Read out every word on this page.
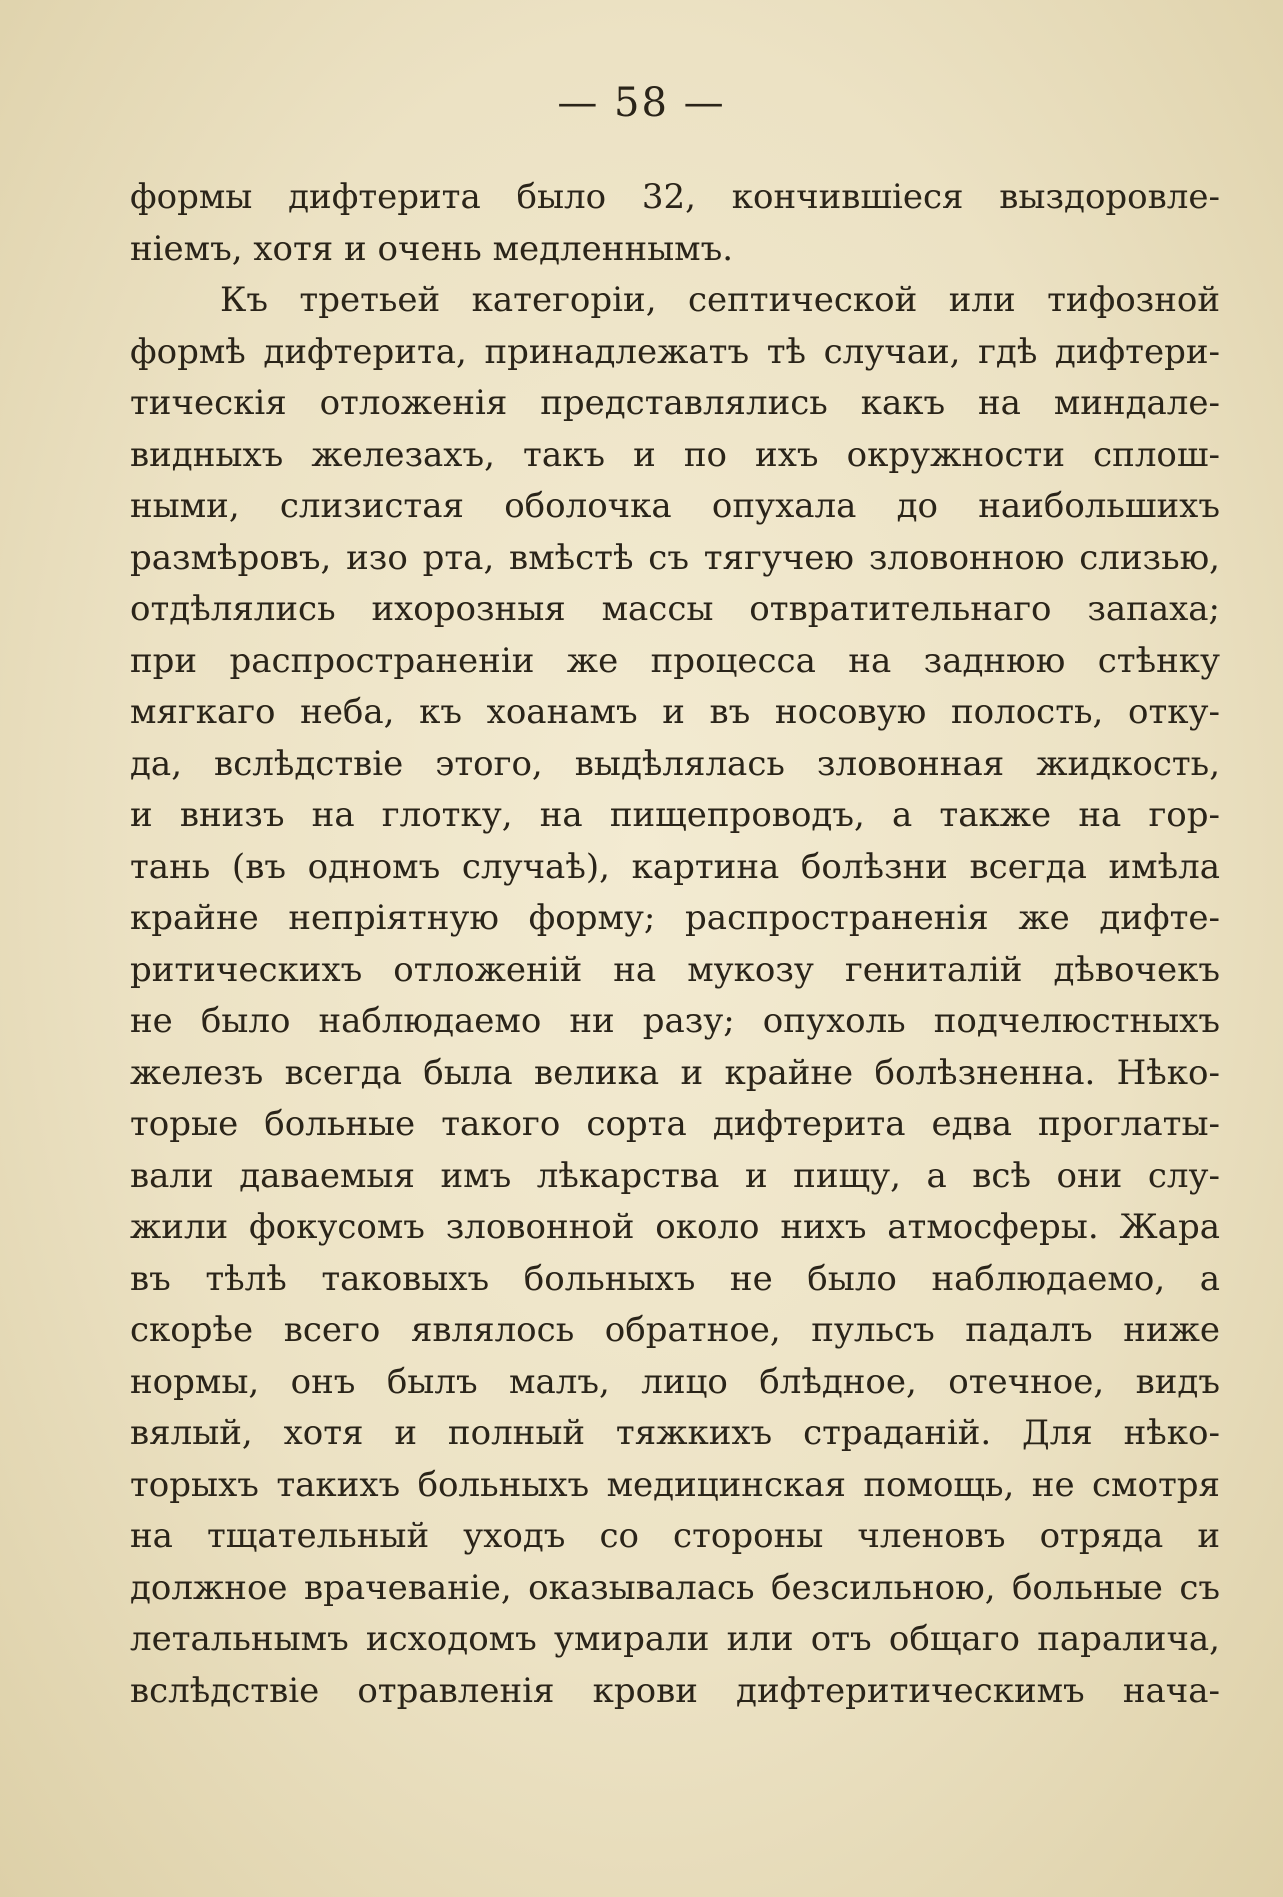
— 58 —
формы дифтерита было 32, кончившiеся выздоровле-
нiемъ, хотя и очень медленнымъ.
Къ третьей категорiи, септической или тифозной
формѣ дифтерита, принадлежатъ тѣ случаи, гдѣ дифтери-
тическiя отложенiя представлялись какъ на миндале-
видныхъ железахъ, такъ и по ихъ окружности сплош-
ными, слизистая оболочка опухала до наибольшихъ
размѣровъ, изо рта, вмѣстѣ съ тягучею зловонною слизью,
отдѣлялись ихорозныя массы отвратительнаго запаха;
при распространенiи же процесса на заднюю стѣнку
мягкаго неба, къ хоанамъ и въ носовую полость, отку-
да, вслѣдствiе этого, выдѣлялась зловонная жидкость,
и внизъ на глотку, на пищепроводъ, а также на гор-
тань (въ одномъ случаѣ), картина болѣзни всегда имѣла
крайне непрiятную форму; распространенiя же дифте-
ритическихъ отложенiй на мукозу гениталiй дѣвочекъ
не было наблюдаемо ни разу; опухоль подчелюстныхъ
железъ всегда была велика и крайне болѣзненна. Нѣко-
торые больные такого сорта дифтерита едва проглаты-
вали даваемыя имъ лѣкарства и пищу, а всѣ они слу-
жили фокусомъ зловонной около нихъ атмосферы. Жара
въ тѣлѣ таковыхъ больныхъ не было наблюдаемо, а
скорѣе всего являлось обратное, пульсъ падалъ ниже
нормы, онъ былъ малъ, лицо блѣдное, отечное, видъ
вялый, хотя и полный тяжкихъ страданiй. Для нѣко-
торыхъ такихъ больныхъ медицинская помощь, не смотря
на тщательный уходъ со стороны членовъ отряда и
должное врачеванiе, оказывалась безсильною, больные съ
летальнымъ исходомъ умирали или отъ общаго паралича,
вслѣдствiе отравленiя крови дифтеритическимъ нача-
